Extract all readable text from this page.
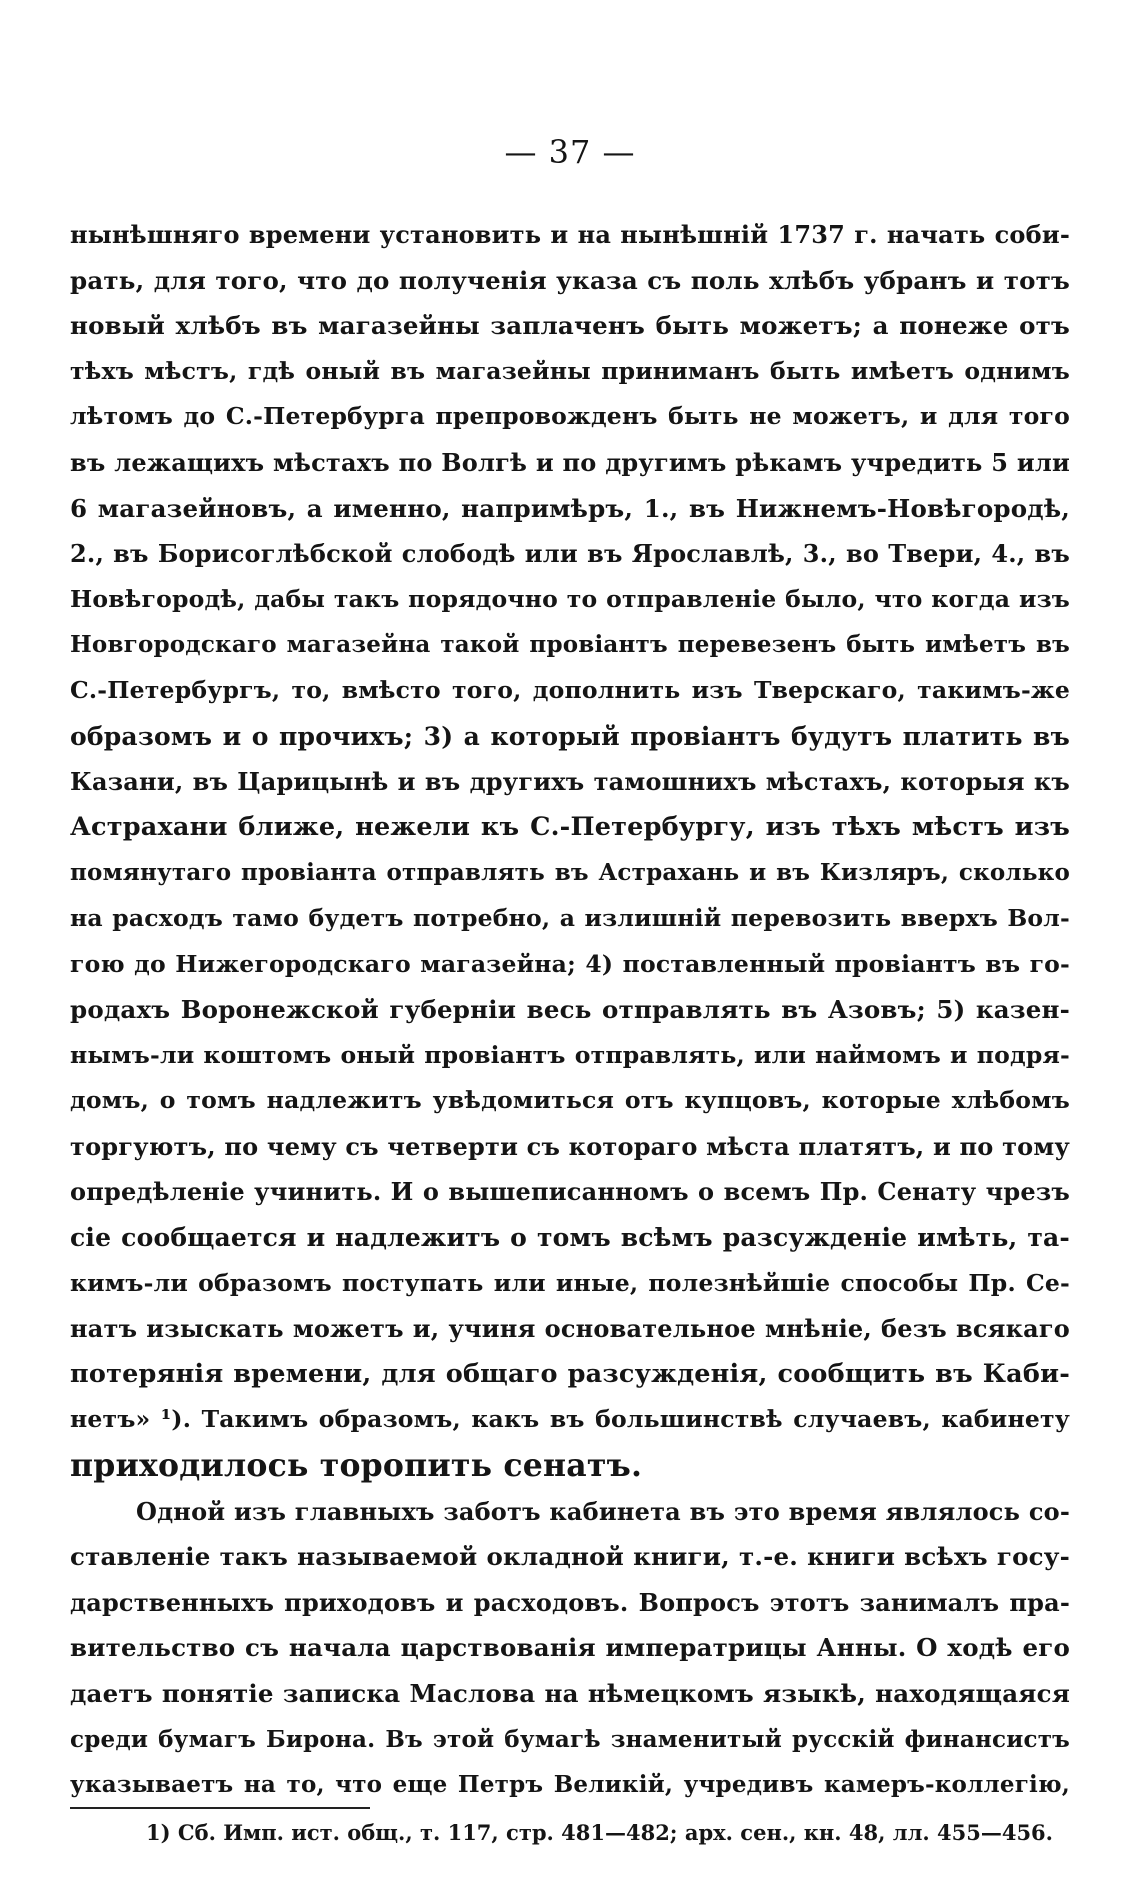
— 37 —
нынѣшняго времени установить и на нынѣшній 1737 г. начать соби-
рать, для того, что до полученія указа съ поль хлѣбъ убранъ и тотъ
новый хлѣбъ въ магазейны заплаченъ быть можетъ; а понеже отъ
тѣхъ мѣстъ, гдѣ оный въ магазейны приниманъ быть имѣетъ однимъ
лѣтомъ до С.-Петербурга препровожденъ быть не можетъ, и для того
въ лежащихъ мѣстахъ по Волгѣ и по другимъ рѣкамъ учредить 5 или
6 магазейновъ, а именно, напримѣръ, 1., въ Нижнемъ-Новѣгородѣ,
2., въ Борисоглѣбской слободѣ или въ Ярославлѣ, 3., во Твери, 4., въ
Новѣгородѣ, дабы такъ порядочно то отправленіе было, что когда изъ
Новгородскаго магазейна такой провіантъ перевезенъ быть имѣетъ въ
С.-Петербургъ, то, вмѣсто того, дополнить изъ Тверскаго, такимъ-же
образомъ и о прочихъ; 3) а который провіантъ будутъ платить въ
Казани, въ Царицынѣ и въ другихъ тамошнихъ мѣстахъ, которыя къ
Астрахани ближе, нежели къ С.-Петербургу, изъ тѣхъ мѣстъ изъ
помянутаго провіанта отправлять въ Астрахань и въ Кизляръ, сколько
на расходъ тамо будетъ потребно, а излишній перевозить вверхъ Вол-
гою до Нижегородскаго магазейна; 4) поставленный провіантъ въ го-
родахъ Воронежской губерніи весь отправлять въ Азовъ; 5) казен-
нымъ-ли коштомъ оный провіантъ отправлять, или наймомъ и подря-
домъ, о томъ надлежитъ увѣдомиться отъ купцовъ, которые хлѣбомъ
торгуютъ, по чему съ четверти съ котораго мѣста платятъ, и по тому
опредѣленіе учинить. И о вышеписанномъ о всемъ Пр. Сенату чрезъ
сіе сообщается и надлежитъ о томъ всѣмъ разсужденіе имѣть, та-
кимъ-ли образомъ поступать или иные, полезнѣйшіе способы Пр. Се-
натъ изыскать можетъ и, учиня основательное мнѣніе, безъ всякаго
потерянія времени, для общаго разсужденія, сообщить въ Каби-
нетъ» ¹). Такимъ образомъ, какъ въ большинствѣ случаевъ, кабинету
приходилось торопить сенатъ.
Одной изъ главныхъ заботъ кабинета въ это время являлось со-
ставленіе такъ называемой окладной книги, т.-е. книги всѣхъ госу-
дарственныхъ приходовъ и расходовъ. Вопросъ этотъ занималъ пра-
вительство съ начала царствованія императрицы Анны. О ходѣ его
даетъ понятіе записка Маслова на нѣмецкомъ языкѣ, находящаяся
среди бумагъ Бирона. Въ этой бумагѣ знаменитый русскій финансистъ
указываетъ на то, что еще Петръ Великій, учредивъ камеръ-коллегію,
1) Сб. Имп. ист. общ., т. 117, стр. 481—482; арх. сен., кн. 48, лл. 455—456.
